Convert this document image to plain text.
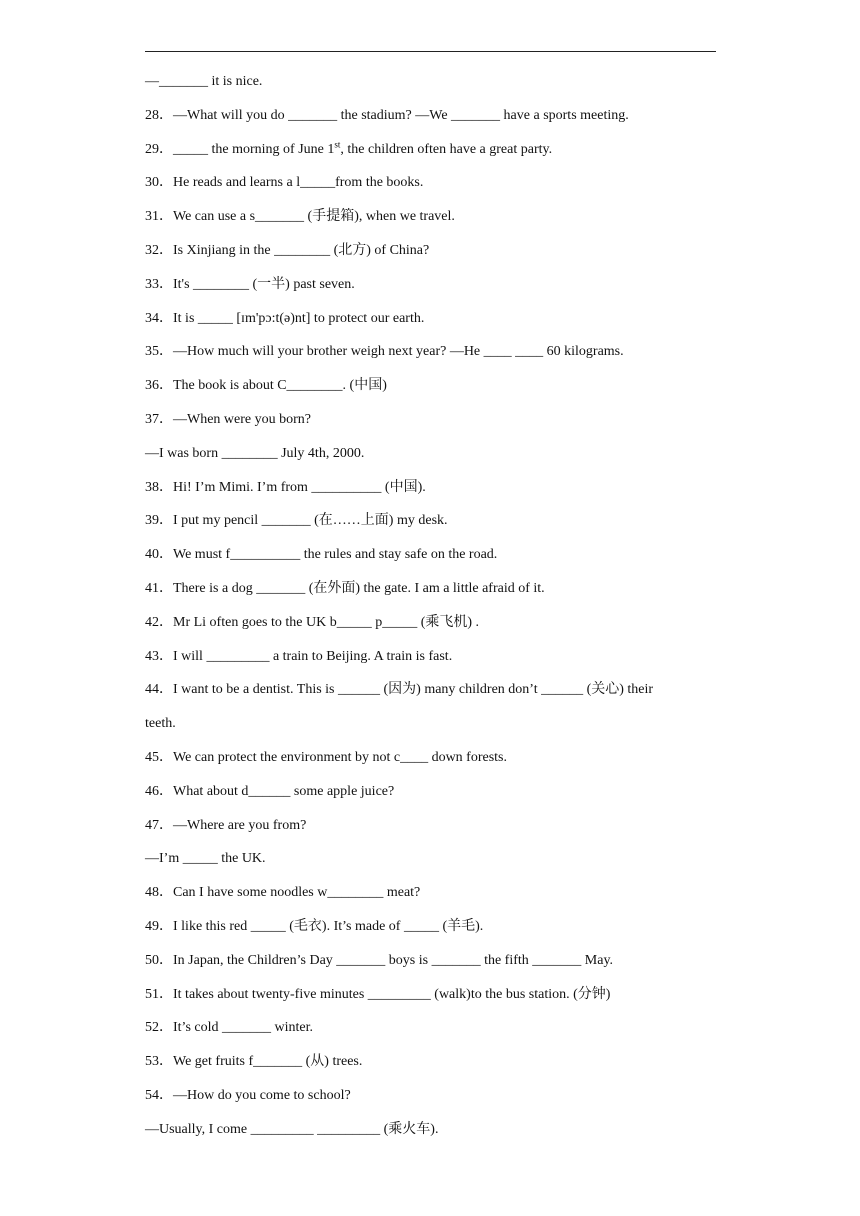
—_______ it is nice.
28．—What will you do _______ the stadium? —We _______ have a sports meeting.
29．_____ the morning of June 1st, the children often have a great party.
30．He reads and learns a l_____from the books.
31．We can use a s_______ (手提箱), when we travel.
32．Is Xinjiang in the ________ (北方) of China?
33．It's ________ (一半) past seven.
34．It is _____ [ɪm'pɔ:t(ə)nt] to protect our earth.
35．—How much will your brother weigh next year? —He ____ ____ 60 kilograms.
36．The book is about C________. (中国)
37．—When were you born?
—I was born ________ July 4th, 2000.
38．Hi! I’m Mimi. I’m from __________ (中国).
39．I put my pencil _______ (在……上面) my desk.
40．We must f__________ the rules and stay safe on the road.
41．There is a dog _______ (在外面) the gate. I am a little afraid of it.
42．Mr Li often goes to the UK b_____ p_____ (乘飞机) .
43．I will _________ a train to Beijing. A train is fast.
44．I want to be a dentist. This is ______ (因为) many children don’t ______ (关心) their
teeth.
45．We can protect the environment by not c____ down forests.
46．What about d______ some apple juice?
47．—Where are you from?
—I’m _____ the UK.
48．Can I have some noodles w________ meat?
49．I like this red _____ (毛衣). It’s made of _____ (羊毛).
50．In Japan, the Children’s Day _______ boys is _______ the fifth _______ May.
51．It takes about twenty-five minutes _________ (walk)to the bus station. (分钟)
52．It’s cold _______ winter.
53．We get fruits f_______ (从) trees.
54．—How do you come to school?
—Usually, I come _________ _________ (乘火车).
